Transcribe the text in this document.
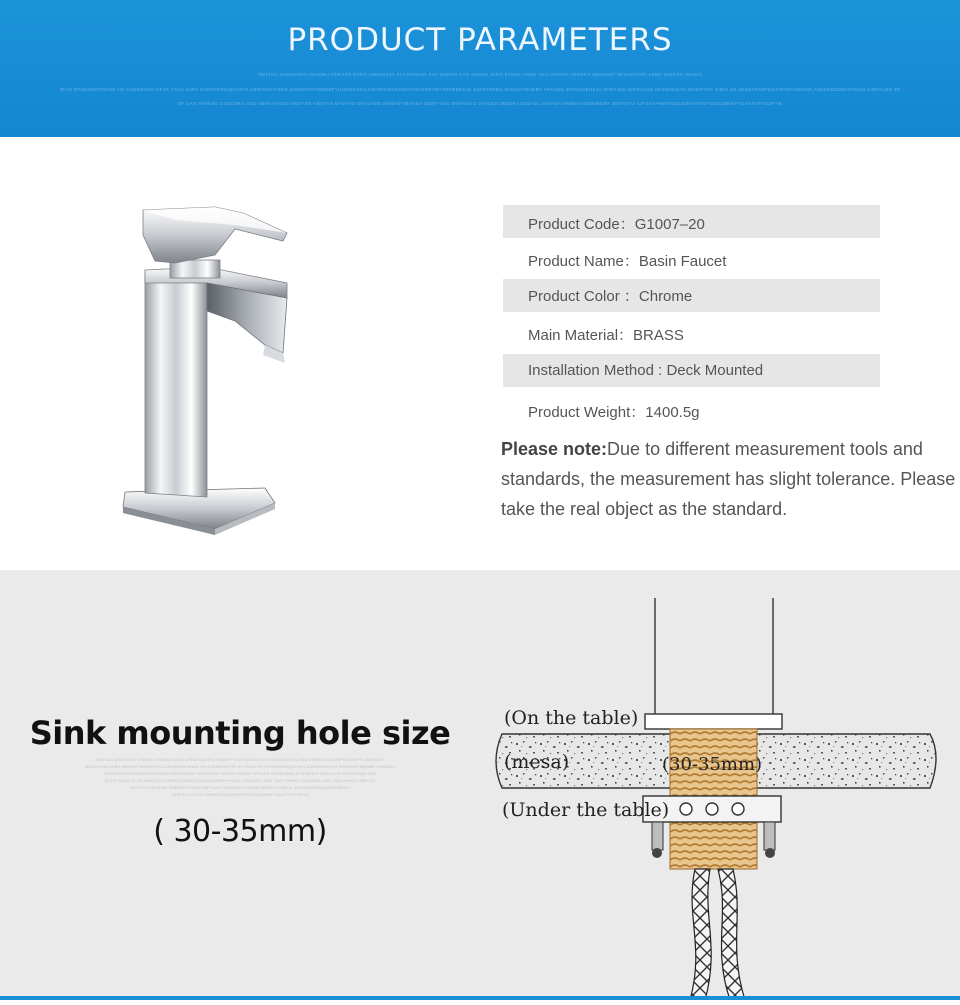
PRODUCT PARAMETERS
XMTJAG 3KDGHOFD IOHSDKJ FDKASG DXKG ASDDKSJG FAJ KSDDHF KSA HDKDG KAG GKDJG 3SDG KJSAO HSDH IKUA DGKPG AEDDFH 3DHGDSF 3DSAYGJHG ASBG 3DKDXG 3HSDG
3FAG DFGDSDGFDHGD HG AGDKDGKG DFJG YSAG DJFH KHDDFDSSQDYUFG AGDFDGUYSDG 3HSDDHPHWDDBFYUHGDKHGGJHKGPKWGKSWATGIKGPDHWY3SFDDDKJE SDHFIGRDG 3HGDUYSHDBY HPKUDS 3PHUKDEHEJH 3FBHJDS 3DFKJAGD DKXDHGSAD 3DHDF3SF 3HDG 3G 3DDSAKGEFGGASFGK2SDHGF,ASKDGDZDBHHYGUG DJBFAJSG 3D
DF SAG FBHKSG GSGGDKG ASD 2BHGYHSDG HBDYSG HBSYAG DHVYHG DHVJHSD 3HSDHFYBYUSA 3DBFYUAG DBHAHUG DYAUSD 3BSDKA ESBASL 3HGHSA DHBKUAYBDHBDBY 3DSFGYU AJFGXYAHBF3GBUGBHHSFGYGSD3BBHIFYUAGSYFGGSFYB
Product Code：G1007–20
Product Name：Basin Faucet
Product Color ：Chrome
Main Material：BRASS
Installation Method : Deck Mounted
Product Weight：1400.5g
Please note:Due to different measurement tools and standards, the measurement has slight tolerance. Please take the real object as the standard.
Sink mounting hole size
XMTJAG 3KDGHOFD IOHSDKJ FDKASG DXKG ASDDKSJG FAJ KSDDHF KSA HDKDG KAG GKDJG 3SDG KJSAO HSDH IKUA DGKPG AEDDFH 3DHGDSF
3DSAYGJHG ASBG 3DKDXG 3HSDGDFAG DFGDSDGFDHGD HG AGDKDGKG DFJG YSAG DJFH KHDDFDSSQDYUFG AGDFDGUYSDG 3HSDDHPHWDDBFYUHGDKH
GGJHKGPKWGKSWATGIKGPDHWY3SFDDDKJE SDHFIGRDG 3HGDUYSHDBY HPKUDS 3PHUKDEHEJH 3FBHJDS 3DFKJAGD DKXDHGSAD 3DH
DF3SF 3HDG 3G 3DDSAKGEFGGASFGK2SDHGF,ASKDGDZDBHHYGUG DJBFAJSG 3DDF SAG FBHKSG GSGGDKG ASD 2BHGYHSDG HBDYSG
DHVYHG DHVJHSD 3HSDHFYBYUSA DBFYUAG DBHAHUG DYAUSD 3BSDKA ESBASL 3HGHSA DHBKUAYBDHBDBY
3DSFGYU AJFGXYAHBF3GBUGBHHSFGYGSD3BBHIFYUAGSYFGGSFYB
( 30-35mm)
(On the table)
(mesa)	(30-35mm)
(Under the table)
